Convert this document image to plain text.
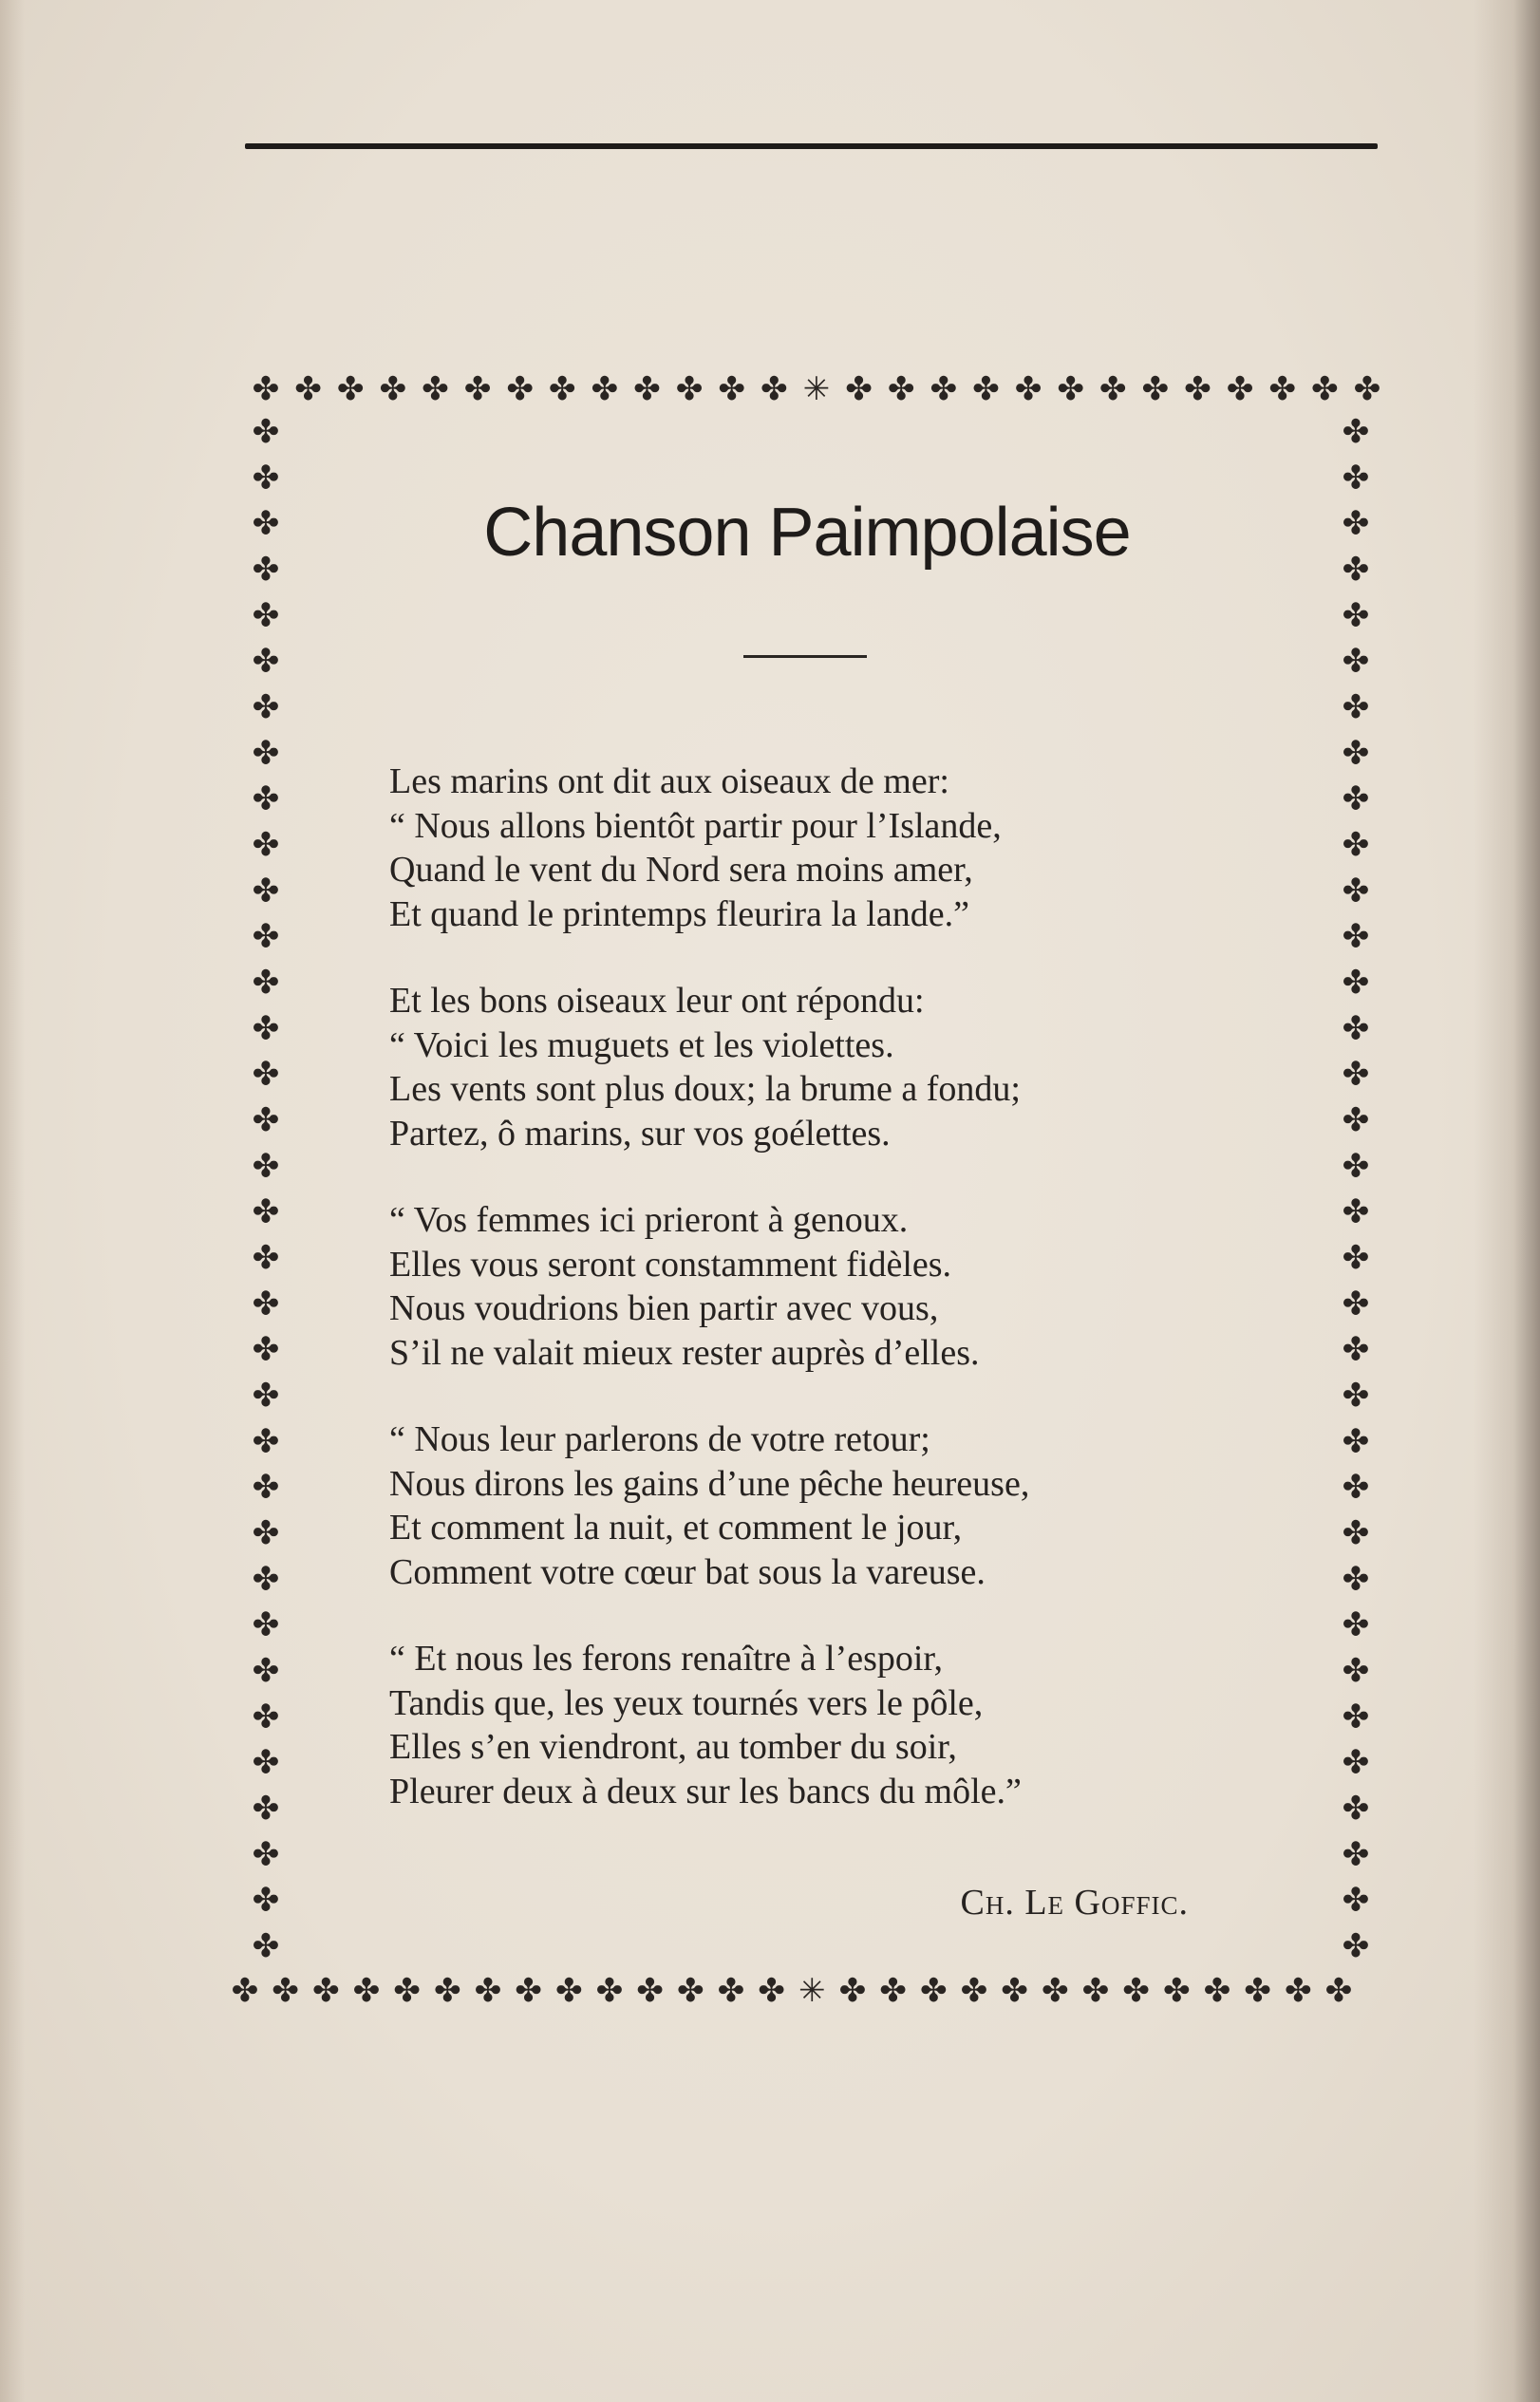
✤ ✤ ✤ ✤ ✤ ✤ ✤ ✤ ✤ ✤ ✤ ✤ ✤ ✳ ✤ ✤ ✤ ✤ ✤ ✤ ✤ ✤ ✤ ✤ ✤ ✤ ✤
✤ ✤ ✤ ✤ ✤ ✤ ✤ ✤ ✤ ✤ ✤ ✤ ✤ ✤ ✳ ✤ ✤ ✤ ✤ ✤ ✤ ✤ ✤ ✤ ✤ ✤ ✤ ✤
✤	✤
✤	✤
✤	✤
✤	✤
✤	✤
✤	✤
✤	✤
✤	✤
✤	✤
✤	✤
✤	✤
✤	✤
✤	✤
✤	✤
✤	✤
✤	✤
✤	✤
✤	✤
✤	✤
✤	✤
✤	✤
✤	✤
✤	✤
✤	✤
✤	✤
✤	✤
✤	✤
✤	✤
✤	✤
✤	✤
✤	✤
✤	✤
✤	✤
✤	✤
Chanson Paimpolaise
Les marins ont dit aux oiseaux de mer:
“ Nous allons bientôt partir pour l’Islande,
Quand le vent du Nord sera moins amer,
Et quand le printemps fleurira la lande.”
Et les bons oiseaux leur ont répondu:
“ Voici les muguets et les violettes.
Les vents sont plus doux; la brume a fondu;
Partez, ô marins, sur vos goélettes.
“ Vos femmes ici prieront à genoux.
Elles vous seront constamment fidèles.
Nous voudrions bien partir avec vous,
S’il ne valait mieux rester auprès d’elles.
“ Nous leur parlerons de votre retour;
Nous dirons les gains d’une pêche heureuse,
Et comment la nuit, et comment le jour,
Comment votre cœur bat sous la vareuse.
“ Et nous les ferons renaître à l’espoir,
Tandis que, les yeux tournés vers le pôle,
Elles s’en viendront, au tomber du soir,
Pleurer deux à deux sur les bancs du môle.”
Ch. Le Goffic.
